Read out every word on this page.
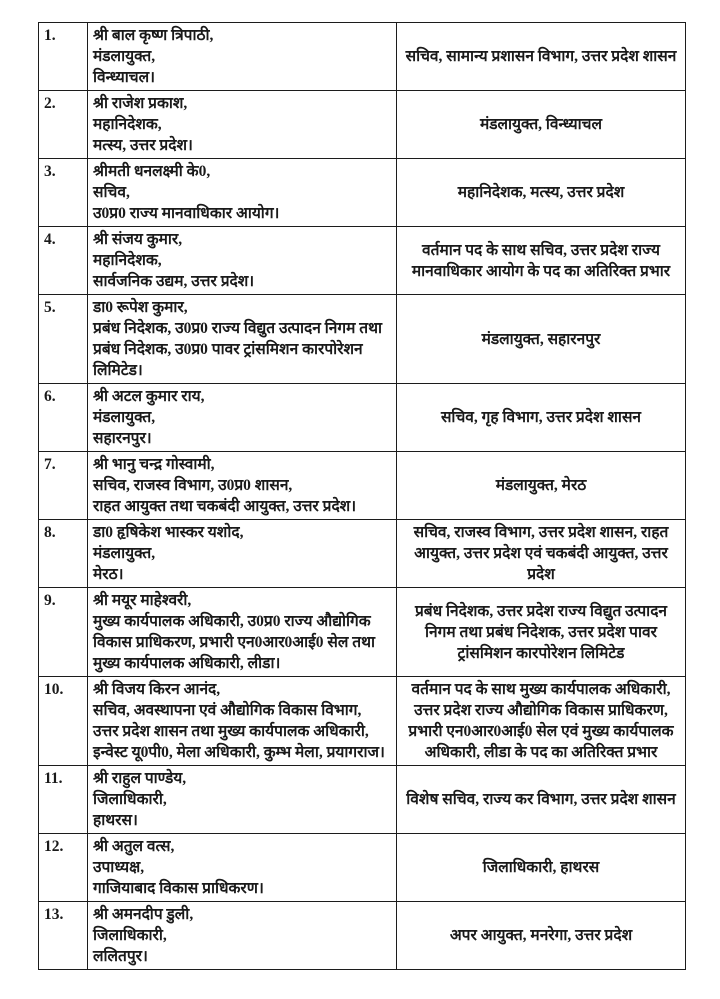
1.	श्री बाल कृष्ण त्रिपाठी,
मंडलायुक्त,
विन्ध्याचल।	सचिव, सामान्य प्रशासन विभाग, उत्तर प्रदेश शासन
2.	श्री राजेश प्रकाश,
महानिदेशक,
मत्स्य, उत्तर प्रदेश।	मंडलायुक्त, विन्ध्याचल
3.	श्रीमती धनलक्ष्मी के0,
सचिव,
उ0प्र0 राज्य मानवाधिकार आयोग।	महानिदेशक, मत्स्य, उत्तर प्रदेश
4.	श्री संजय कुमार,
महानिदेशक,
सार्वजनिक उद्यम, उत्तर प्रदेश।	वर्तमान पद के साथ सचिव, उत्तर प्रदेश राज्य मानवाधिकार आयोग के पद का अतिरिक्त प्रभार
5.	डा0 रूपेश कुमार,
प्रबंध निदेशक, उ0प्र0 राज्य विद्युत उत्पादन निगम तथा
प्रबंध निदेशक, उ0प्र0 पावर ट्रांसमिशन कारपोरेशन
लिमिटेड।	मंडलायुक्त, सहारनपुर
6.	श्री अटल कुमार राय,
मंडलायुक्त,
सहारनपुर।	सचिव, गृह विभाग, उत्तर प्रदेश शासन
7.	श्री भानु चन्द्र गोस्वामी,
सचिव, राजस्व विभाग, उ0प्र0 शासन,
राहत आयुक्त तथा चकबंदी आयुक्त, उत्तर प्रदेश।	मंडलायुक्त, मेरठ
8.	डा0 हृषिकेश भास्कर यशोद,
मंडलायुक्त,
मेरठ।	सचिव, राजस्व विभाग, उत्तर प्रदेश शासन, राहत आयुक्त, उत्तर प्रदेश एवं चकबंदी आयुक्त, उत्तर प्रदेश
9.	श्री मयूर माहेश्वरी,
मुख्य कार्यपालक अधिकारी, उ0प्र0 राज्य औद्योगिक
विकास प्राधिकरण, प्रभारी एन0आर0आई0 सेल तथा
मुख्य कार्यपालक अधिकारी, लीडा।	प्रबंध निदेशक, उत्तर प्रदेश राज्य विद्युत उत्पादन निगम तथा प्रबंध निदेशक, उत्तर प्रदेश पावर ट्रांसमिशन कारपोरेशन लिमिटेड
10.	श्री विजय किरन आनंद,
सचिव, अवस्थापना एवं औद्योगिक विकास विभाग,
उत्तर प्रदेश शासन तथा मुख्य कार्यपालक अधिकारी,
इन्वेस्ट यू0पी0, मेला अधिकारी, कुम्भ मेला, प्रयागराज।	वर्तमान पद के साथ मुख्य कार्यपालक अधिकारी, उत्तर प्रदेश राज्य औद्योगिक विकास प्राधिकरण, प्रभारी एन0आर0आई0 सेल एवं मुख्य कार्यपालक अधिकारी, लीडा के पद का अतिरिक्त प्रभार
11.	श्री राहुल पाण्डेय,
जिलाधिकारी,
हाथरस।	विशेष सचिव, राज्य कर विभाग, उत्तर प्रदेश शासन
12.	श्री अतुल वत्स,
उपाध्यक्ष,
गाजियाबाद विकास प्राधिकरण।	जिलाधिकारी, हाथरस
13.	श्री अमनदीप डुली,
जिलाधिकारी,
ललितपुर।	अपर आयुक्त, मनरेगा, उत्तर प्रदेश
